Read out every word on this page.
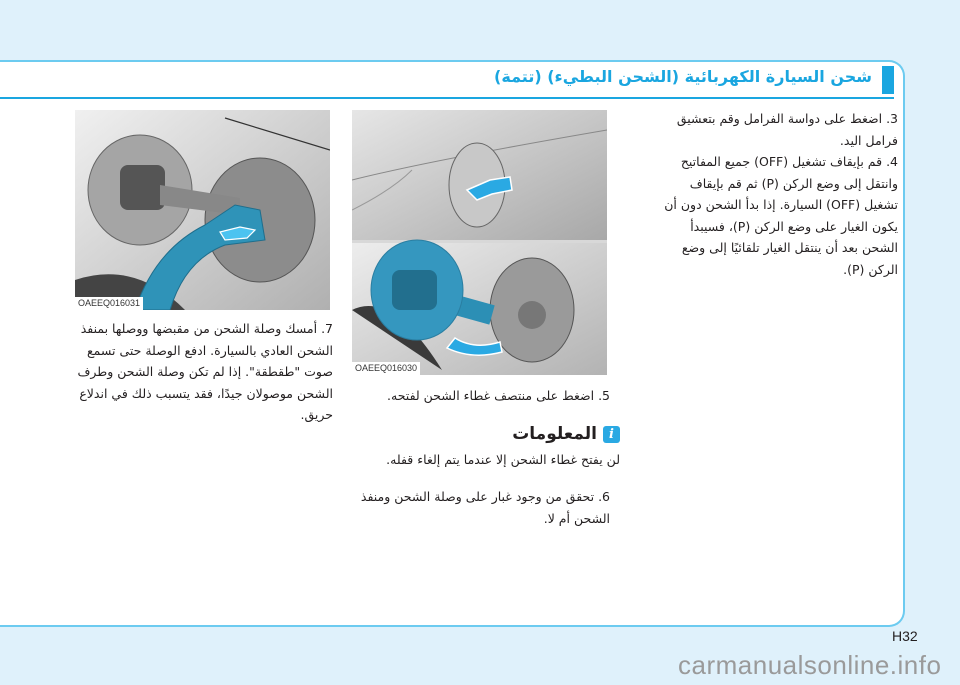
شحن السيارة الكهربائية (الشحن البطيء) (تتمة)
3. اضغط على دواسة الفرامل وقم بتعشيق فرامل اليد.
4. قم بإيقاف تشغيل (OFF) جميع المفاتيح وانتقل إلى وضع الركن (P) ثم قم بإيقاف تشغيل (OFF) السيارة. إذا بدأ الشحن دون أن يكون الغيار على وضع الركن (P)، فسيبدأ الشحن بعد أن ينتقل الغيار تلقائيًا إلى وضع الركن (P).
OAEEQ016030
OAEEQ016031
5. اضغط على منتصف غطاء الشحن لفتحه.
i
المعلومات
لن يفتح غطاء الشحن إلا عندما يتم إلغاء قفله.
6. تحقق من وجود غبار على وصلة الشحن ومنفذ الشحن أم لا.
7. أمسك وصلة الشحن من مقبضها ووصلها بمنفذ الشحن العادي بالسيارة. ادفع الوصلة حتى تسمع صوت "طقطقة". إذا لم تكن وصلة الشحن وطرف الشحن موصولان جيدًا، فقد يتسبب ذلك في اندلاع حريق.
H32
carmanualsonline.info
